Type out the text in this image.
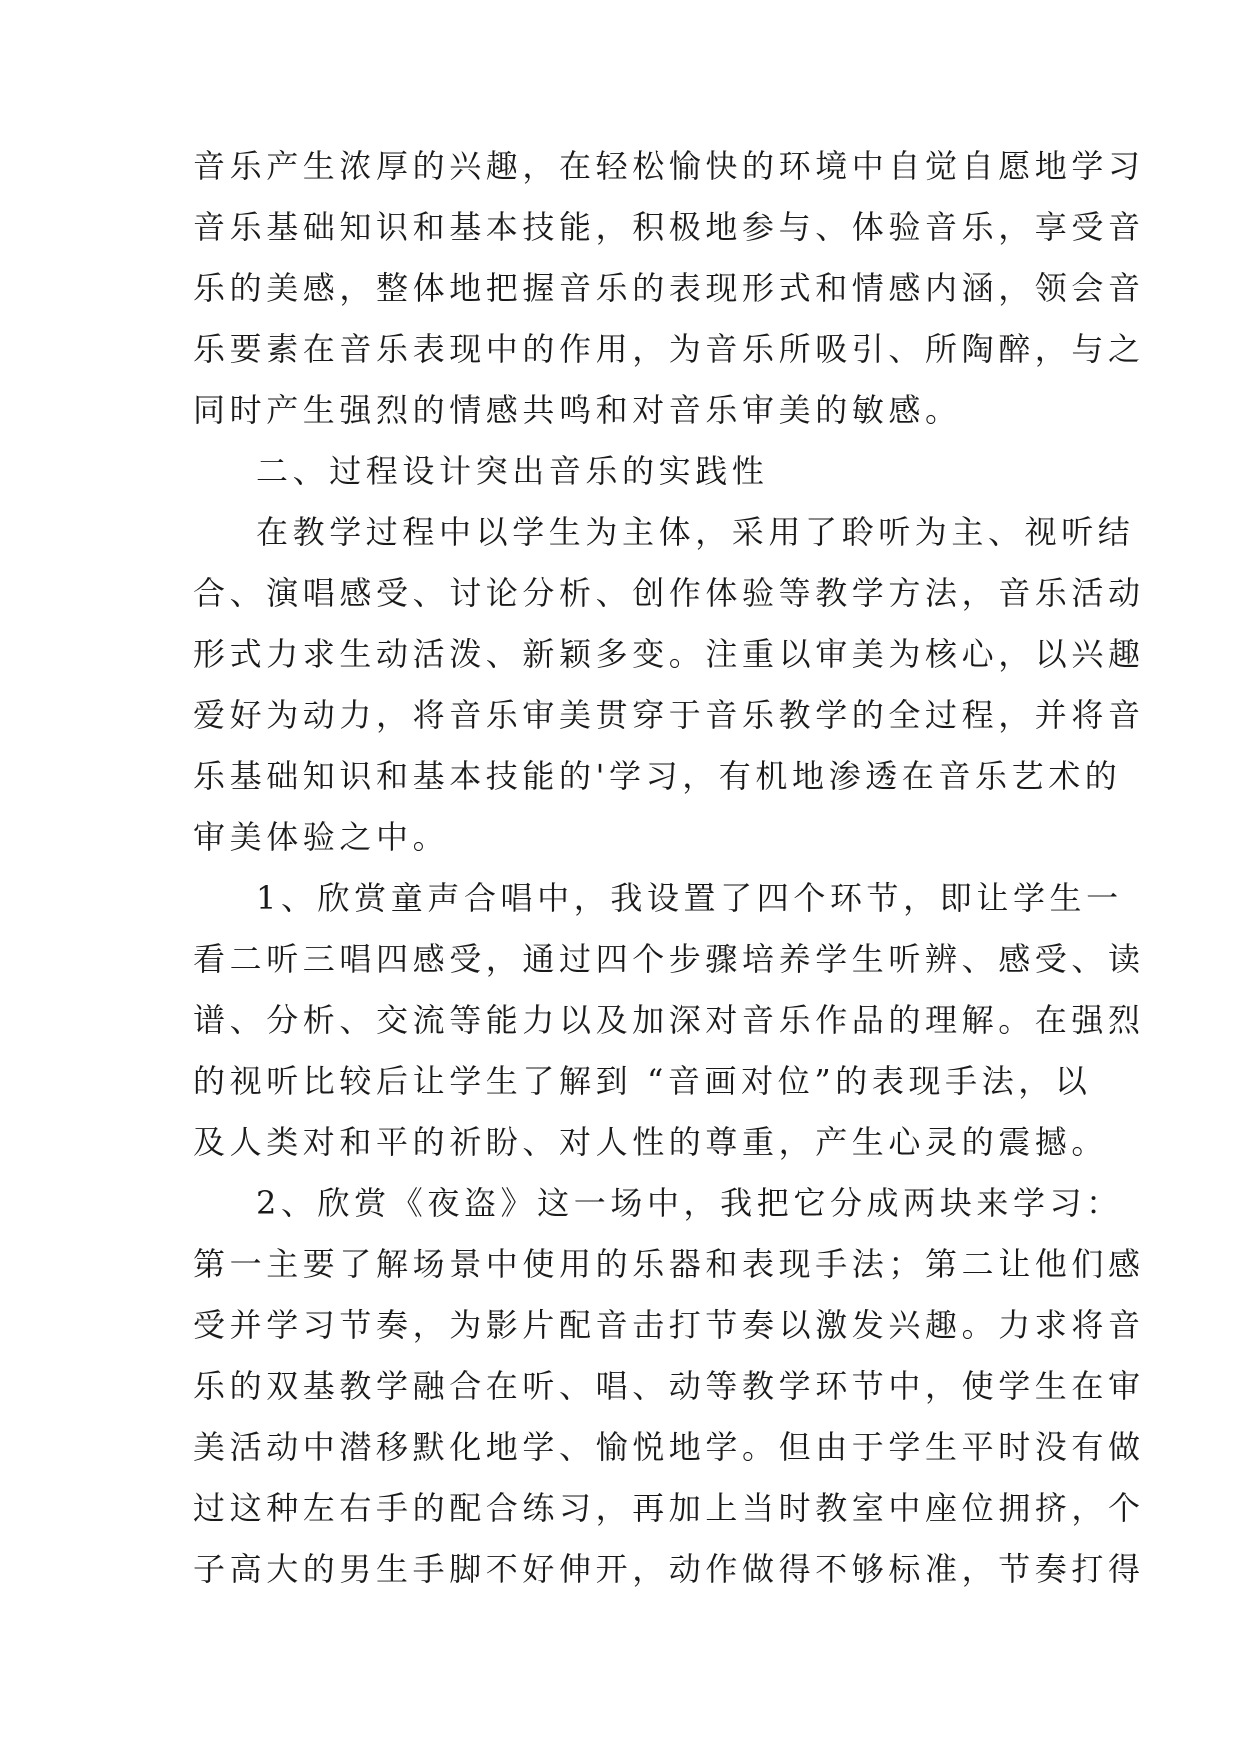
音乐产生浓厚的兴趣，在轻松愉快的环境中自觉自愿地学习
音乐基础知识和基本技能，积极地参与、体验音乐，享受音
乐的美感，整体地把握音乐的表现形式和情感内涵，领会音
乐要素在音乐表现中的作用，为音乐所吸引、所陶醉，与之
同时产生强烈的情感共鸣和对音乐审美的敏感。
二、过程设计突出音乐的实践性
在教学过程中以学生为主体，采用了聆听为主、视听结
合、演唱感受、讨论分析、创作体验等教学方法，音乐活动
形式力求生动活泼、新颖多变。注重以审美为核心，以兴趣
爱好为动力，将音乐审美贯穿于音乐教学的全过程，并将音
乐基础知识和基本技能的'学习，有机地渗透在音乐艺术的
审美体验之中。
1、欣赏童声合唱中，我设置了四个环节，即让学生一
看二听三唱四感受，通过四个步骤培养学生听辨、感受、读
谱、分析、交流等能力以及加深对音乐作品的理解。在强烈
的视听比较后让学生了解到 “音画对位”的表现手法，以
及人类对和平的祈盼、对人性的尊重，产生心灵的震撼。
2、欣赏《夜盗》这一场中，我把它分成两块来学习：
第一主要了解场景中使用的乐器和表现手法；第二让他们感
受并学习节奏，为影片配音击打节奏以激发兴趣。力求将音
乐的双基教学融合在听、唱、动等教学环节中，使学生在审
美活动中潜移默化地学、愉悦地学。但由于学生平时没有做
过这种左右手的配合练习，再加上当时教室中座位拥挤，个
子高大的男生手脚不好伸开，动作做得不够标准，节奏打得
